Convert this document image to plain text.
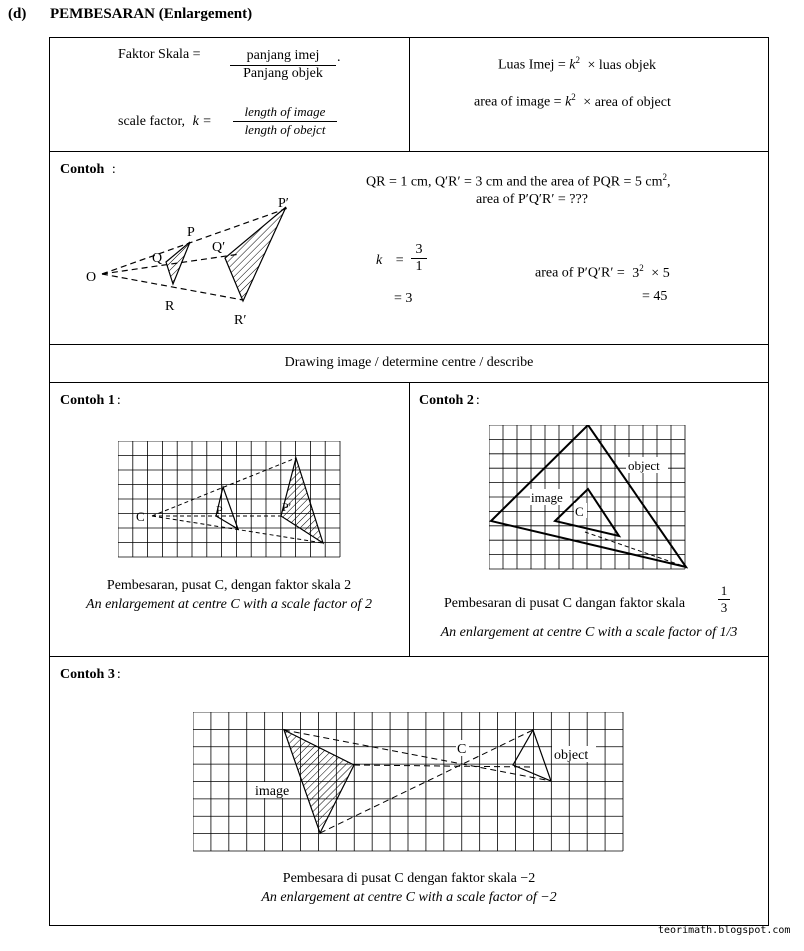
(d) PEMBESARAN (Enlargement)
Faktor Skala =	panjang imej
Panjang objek
.
scale factor, k =
length of image
length of obejct
Luas Imej = $k^2$ × luas objek
area of image = $k^2$ × area of object
Contoh :
QR = 1 cm, Q′R′ = 3 cm and the area of PQR = 5 $cm^2$,
area of P′Q′R′ = ???
$k = \frac{3}{1}$
= 3
area of $P'Q'R' = 3^2 \times 5$
= 45
O
P
Q
R
P′
Q′
R′
Drawing image / determine centre / describe
Contoh 1 :
C	P	P′
Pembesaran, pusat C, dengan faktor skala 2
An enlargement at centre C with a scale factor of 2
Contoh 2 :
object
image
C
Pembesaran di pusat C dangan faktor skala	$\frac{1}{3}$
An enlargement at centre C with a scale factor of 1/3
Contoh 3 :
object
image
C
Pembesara di pusat C dengan faktor skala −2
An enlargement at centre C with a scale factor of −2
teorimath.blogspot.com
